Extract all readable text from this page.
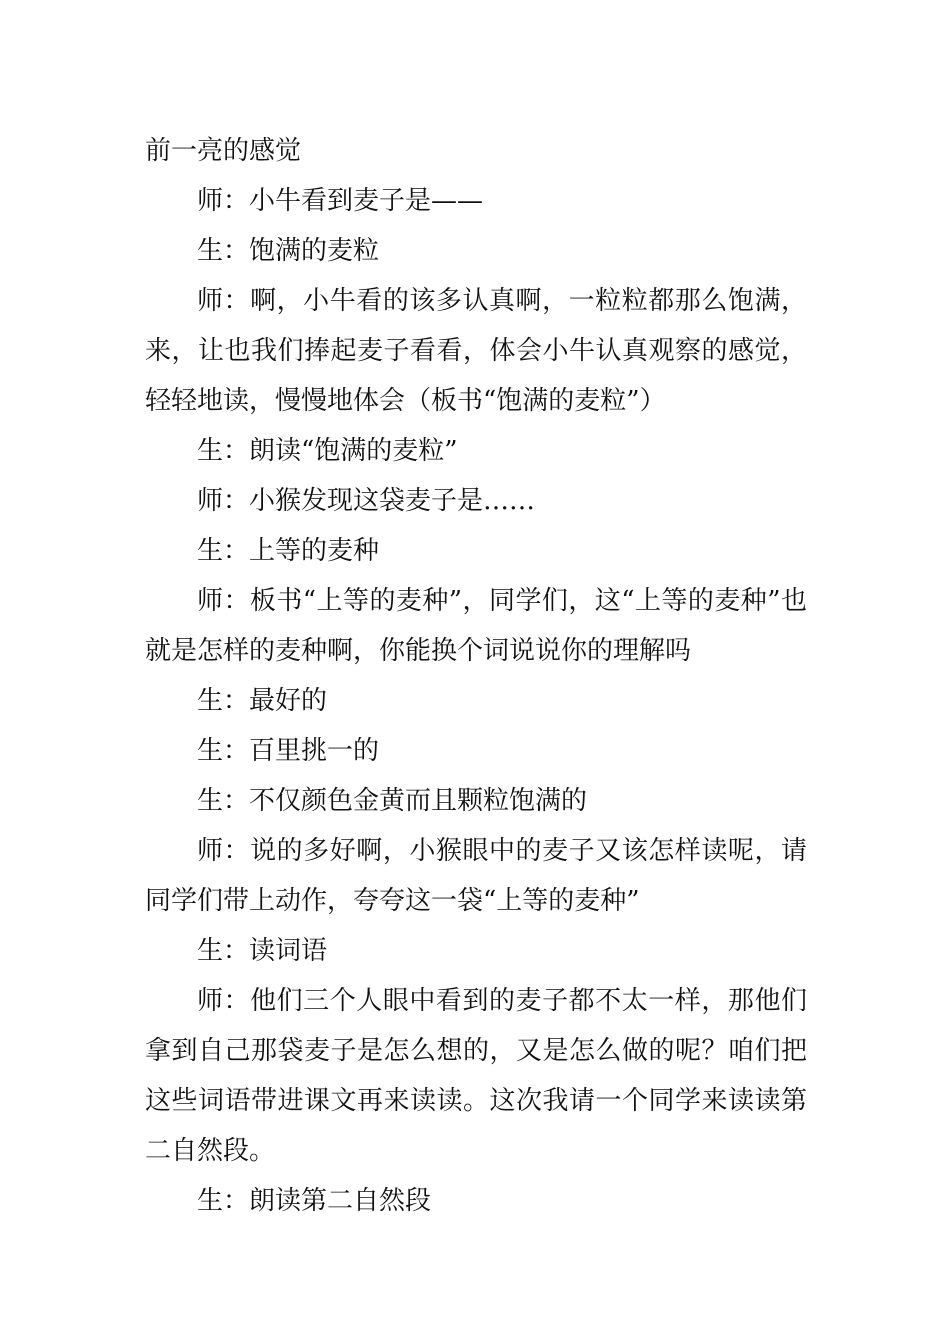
前一亮的感觉

师：小牛看到麦子是——

生：饱满的麦粒

师：啊，小牛看的该多认真啊，一粒粒都那么饱满，来，让也我们捧起麦子看看，体会小牛认真观察的感觉，轻轻地读，慢慢地体会（板书“饱满的麦粒”）

生：朗读“饱满的麦粒”

师：小猴发现这袋麦子是……

生：上等的麦种

师：板书“上等的麦种”，同学们，这“上等的麦种”也就是怎样的麦种啊，你能换个词说说你的理解吗

生：最好的

生：百里挑一的

生：不仅颜色金黄而且颗粒饱满的

师：说的多好啊，小猴眼中的麦子又该怎样读呢，请同学们带上动作，夸夸这一袋“上等的麦种”

生：读词语

师：他们三个人眼中看到的麦子都不太一样，那他们拿到自己那袋麦子是怎么想的，又是怎么做的呢？咱们把这些词语带进课文再来读读。这次我请一个同学来读读第二自然段。

生：朗读第二自然段
